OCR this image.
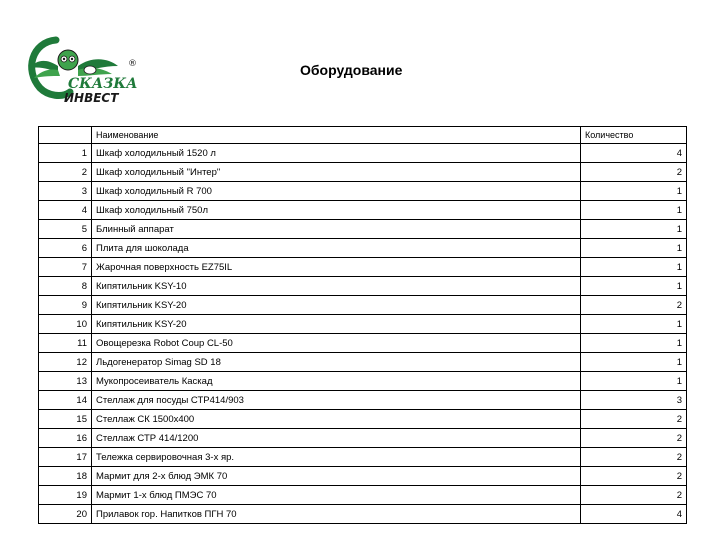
СКАЗКА
ИНВЕСТ
®	Оборудование
	Наименование	Количество
1	Шкаф холодильный 1520 л	4
2	Шкаф холодильный "Интер"	2
3	Шкаф холодильный R 700	1
4	Шкаф холодильный 750л	1
5	Блинный аппарат	1
6	Плита для шоколада	1
7	Жарочная поверхность EZ75IL	1
8	Кипятильник KSY-10	1
9	Кипятильник KSY-20	2
10	Кипятильник KSY-20	1
11	Овощерезка Robot Coup CL-50	1
12	Льдогенератор Simag SD 18	1
13	Мукопросеиватель Каскад	1
14	Стеллаж для посуды СТР414/903	3
15	Стеллаж СК 1500х400	2
16	Стеллаж СТР 414/1200	2
17	Тележка сервировочная 3-х яр.	2
18	Мармит для 2-х блюд ЭМК 70	2
19	Мармит 1-х блюд ПМЭС 70	2
20	Прилавок гор. Напитков ПГН 70	4
